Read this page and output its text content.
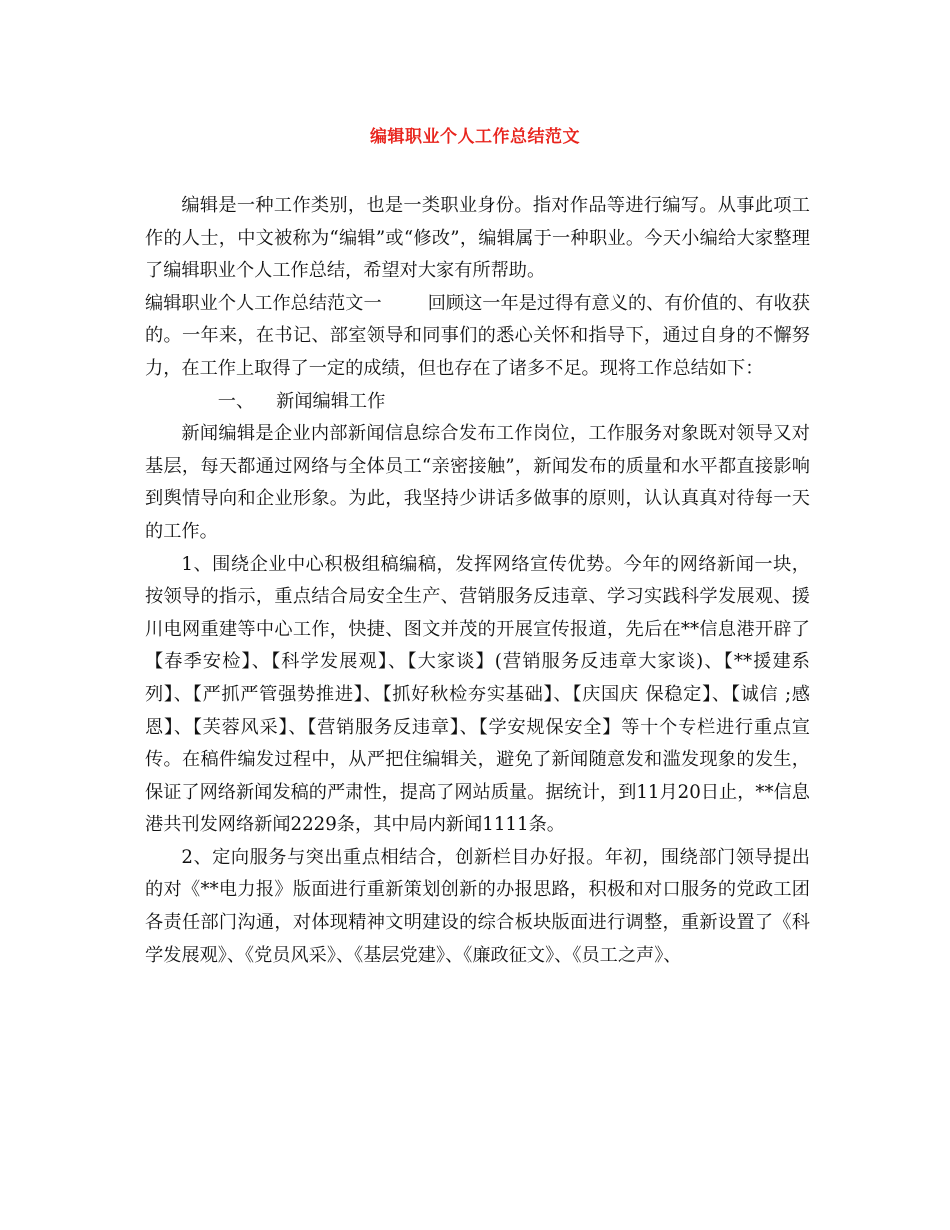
编辑职业个人工作总结范文

编辑是一种工作类别，也是一类职业身份。指对作品等进行编写。从事此项工作的人士，中文被称为“编辑”或“修改”，编辑属于一种职业。今天小编给大家整理了编辑职业个人工作总结，希望对大家有所帮助。

编辑职业个人工作总结范文一	回顾这一年是过得有意义的、有价值的、有收获的。一年来，在书记、部室领导和同事们的悉心关怀和指导下，通过自身的不懈努力，在工作上取得了一定的成绩，但也存在了诸多不足。现将工作总结如下：

一、 新闻编辑工作

新闻编辑是企业内部新闻信息综合发布工作岗位，工作服务对象既对领导又对基层，每天都通过网络与全体员工“亲密接触”，新闻发布的质量和水平都直接影响到舆情导向和企业形象。为此，我坚持少讲话多做事的原则，认认真真对待每一天的工作。

1、围绕企业中心积极组稿编稿，发挥网络宣传优势。今年的网络新闻一块，按领导的指示，重点结合局安全生产、营销服务反违章、学习实践科学发展观、援川电网重建等中心工作，快捷、图文并茂的开展宣传报道，先后在**信息港开辟了【春季安检】、【科学发展观】、【大家谈】(营销服务反违章大家谈)、【**援建系列】、【严抓严管强势推进】、【抓好秋检夯实基础】、【庆国庆 保稳定】、【诚信 ;感恩】、【芙蓉风采】、【营销服务反违章】、【学安规保安全】等十个专栏进行重点宣传。在稿件编发过程中，从严把住编辑关，避免了新闻随意发和滥发现象的发生，保证了网络新闻发稿的严肃性，提高了网站质量。据统计，到11月20日止，**信息港共刊发网络新闻2229条，其中局内新闻1111条。

2、定向服务与突出重点相结合，创新栏目办好报。年初，围绕部门领导提出的对《**电力报》版面进行重新策划创新的办报思路，积极和对口服务的党政工团各责任部门沟通，对体现精神文明建设的综合板块版面进行调整，重新设置了《科学发展观》、《党员风采》、《基层党建》、《廉政征文》、《员工之声》、
